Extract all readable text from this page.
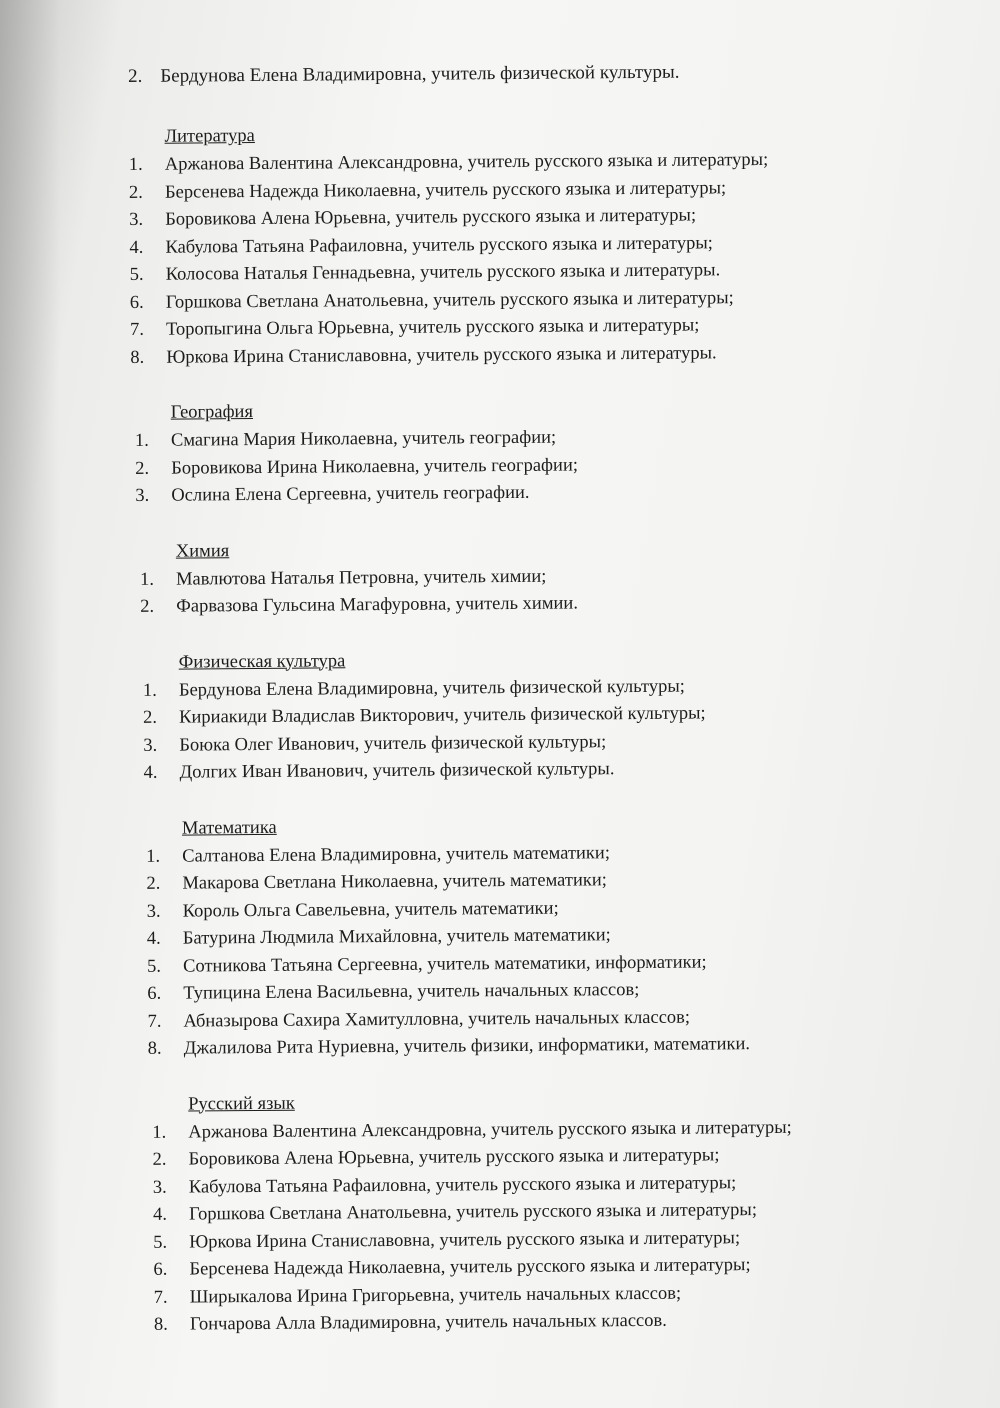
2. Бердунова Елена Владимировна, учитель физической культуры.
Литература
1.	Аржанова Валентина Александровна, учитель русского языка и литературы;
2.	Берсенева Надежда Николаевна, учитель русского языка и литературы;
3.	Боровикова Алена Юрьевна, учитель русского языка и литературы;
4.	Кабулова Татьяна Рафаиловна, учитель русского языка и литературы;
5.	Колосова Наталья Геннадьевна, учитель русского языка и литературы.
6.	Горшкова Светлана Анатольевна, учитель русского языка и литературы;
7.	Торопыгина Ольга Юрьевна, учитель русского языка и литературы;
8.	Юркова Ирина Станиславовна, учитель русского языка и литературы.
География
1.	Смагина Мария Николаевна, учитель географии;
2.	Боровикова Ирина Николаевна, учитель географии;
3.	Ослина Елена Сергеевна, учитель географии.
Химия
1.	Мавлютова Наталья Петровна, учитель химии;
2.	Фарвазова Гульсина Магафуровна, учитель химии.
Физическая культура
1.	Бердунова Елена Владимировна, учитель физической культуры;
2.	Кириакиди Владислав Викторович, учитель физической культуры;
3.	Боюка Олег Иванович, учитель физической культуры;
4.	Долгих Иван Иванович, учитель физической культуры.
Математика
1.	Салтанова Елена Владимировна, учитель математики;
2.	Макарова Светлана Николаевна, учитель математики;
3.	Король Ольга Савельевна, учитель математики;
4.	Батурина Людмила Михайловна, учитель математики;
5.	Сотникова Татьяна Сергеевна, учитель математики, информатики;
6.	Тупицина Елена Васильевна, учитель начальных классов;
7.	Абназырова Сахира Хамитулловна, учитель начальных классов;
8.	Джалилова Рита Нуриевна, учитель физики, информатики, математики.
Русский язык
1.	Аржанова Валентина Александровна, учитель русского языка и литературы;
2.	Боровикова Алена Юрьевна, учитель русского языка и литературы;
3.	Кабулова Татьяна Рафаиловна, учитель русского языка и литературы;
4.	Горшкова Светлана Анатольевна, учитель русского языка и литературы;
5.	Юркова Ирина Станиславовна, учитель русского языка и литературы;
6.	Берсенева Надежда Николаевна, учитель русского языка и литературы;
7.	Ширыкалова Ирина Григорьевна, учитель начальных классов;
8.	Гончарова Алла Владимировна, учитель начальных классов.
